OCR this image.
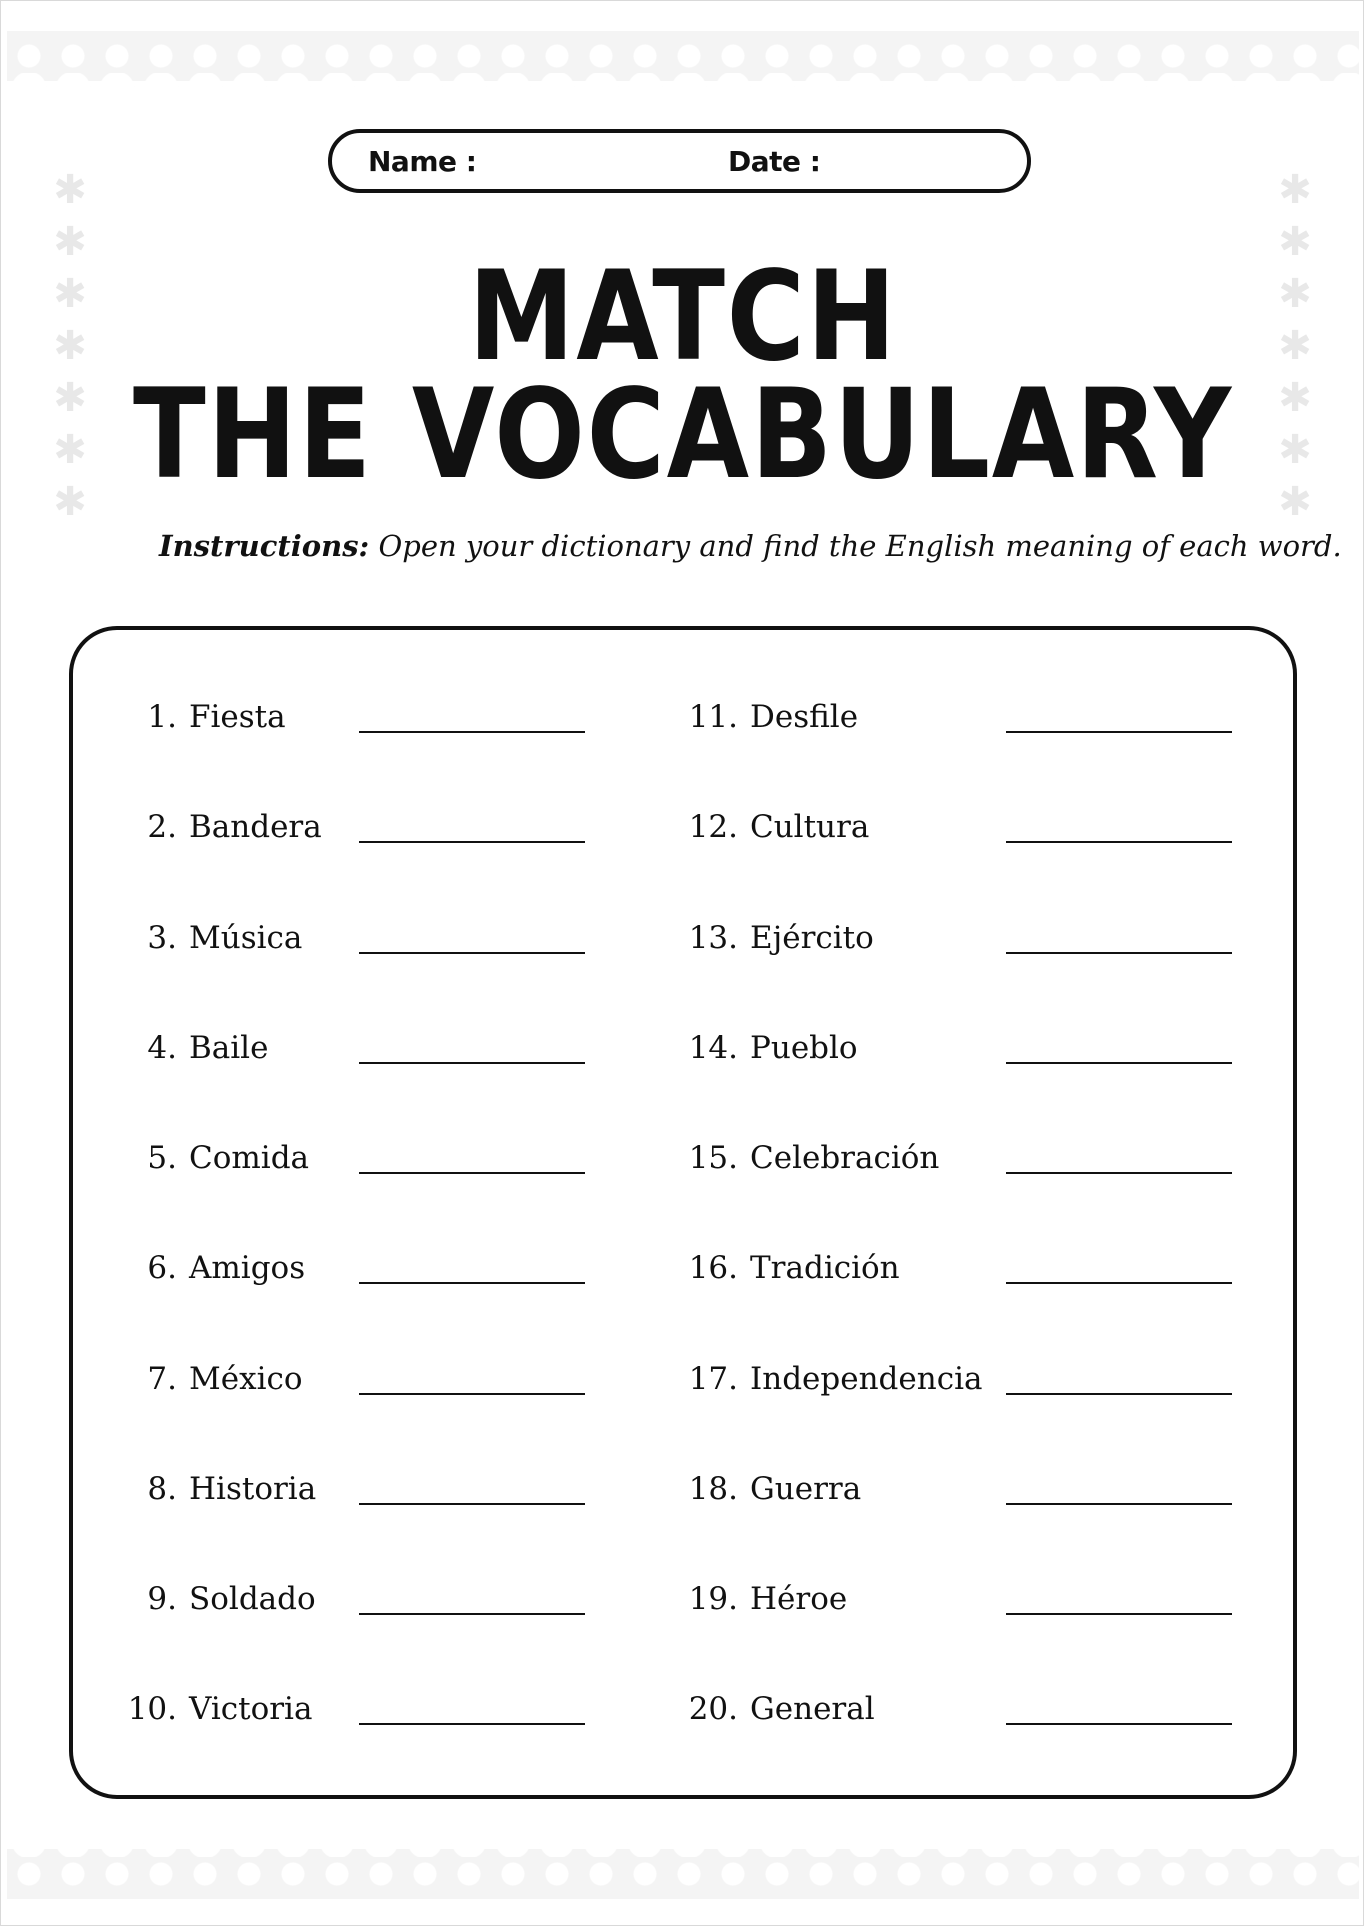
✱
✱
✱
✱
✱
✱
✱
✱
✱
✱
✱
✱
✱
✱
Name :	Date :
MATCH
THE VOCABULARY
Instructions: Open your dictionary and find the English meaning of each word.
1. Fiesta
2. Bandera
3. Música
4. Baile
5. Comida
6. Amigos
7. México
8. Historia
9. Soldado
10. Victoria
11. Desfile
12. Cultura
13. Ejército
14. Pueblo
15. Celebración
16. Tradición
17. Independencia
18. Guerra
19. Héroe
20. General
